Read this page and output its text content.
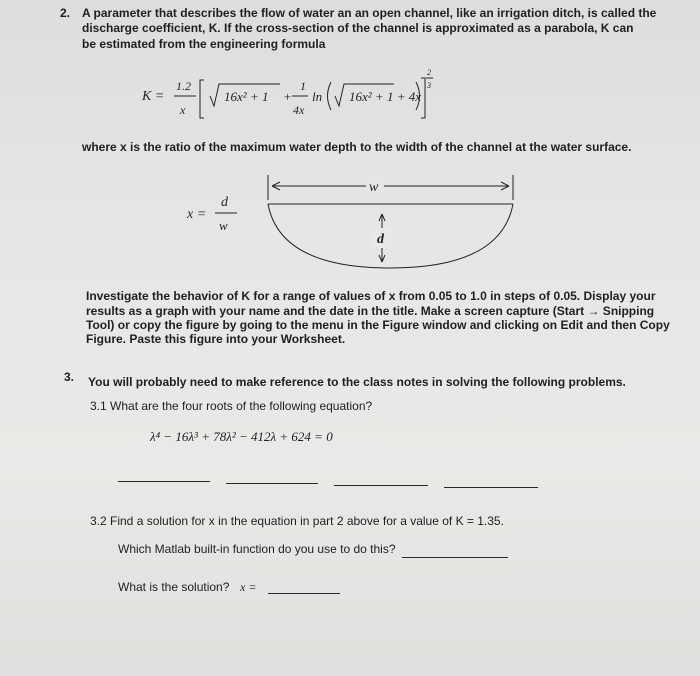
2. A parameter that describes the flow of water an an open channel, like an irrigation ditch, is called the
discharge coefficient, K. If the cross-section of the channel is approximated as a parabola, K can
be estimated from the engineering formula
K =
1.2
x
16x² + 1 +
1
4x
ln 16x² + 1 + 4x
2
3
where x is the ratio of the maximum water depth to the width of the channel at the water surface.
x =
d
w
w
d
Investigate the behavior of K for a range of values of x from 0.05 to 1.0 in steps of 0.05. Display your
results as a graph with your name and the date in the title. Make a screen capture (Start → Snipping
Tool) or copy the figure by going to the menu in the Figure window and clicking on Edit and then Copy
Figure. Paste this figure into your Worksheet.
3. You will probably need to make reference to the class notes in solving the following problems.
3.1 What are the four roots of the following equation?
λ⁴ − 16λ³ + 78λ² − 412λ + 624 = 0
3.2 Find a solution for x in the equation in part 2 above for a value of K = 1.35.
Which Matlab built-in function do you use to do this?
What is the solution? x =
